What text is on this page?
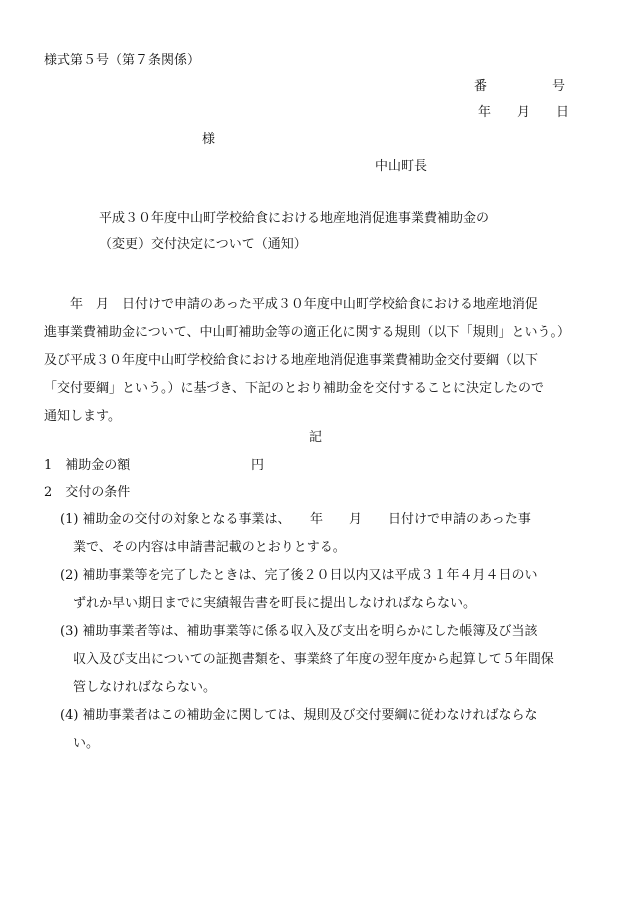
様式第５号（第７条関係）
番　　　　　号
年　　月　　日
様
中山町長
平成３０年度中山町学校給食における地産地消促進事業費補助金の
（変更）交付決定について（通知）
　　年　月　日付けで申請のあった平成３０年度中山町学校給食における地産地消促
進事業費補助金について、中山町補助金等の適正化に関する規則（以下「規則」という。）
及び平成３０年度中山町学校給食における地産地消促進事業費補助金交付要綱（以下
「交付要綱」という。）に基づき、下記のとおり補助金を交付することに決定したので
通知します。
記
1　補助金の額	円
2　交付の条件
(1) 補助金の交付の対象となる事業は、　　年　　月　　日付けで申請のあった事
　業で、その内容は申請書記載のとおりとする。
(2) 補助事業等を完了したときは、完了後２０日以内又は平成３１年４月４日のい
　ずれか早い期日までに実績報告書を町長に提出しなければならない。
(3) 補助事業者等は、補助事業等に係る収入及び支出を明らかにした帳簿及び当該
　収入及び支出についての証拠書類を、事業終了年度の翌年度から起算して５年間保
　管しなければならない。
(4) 補助事業者はこの補助金に関しては、規則及び交付要綱に従わなければならな
　い。
